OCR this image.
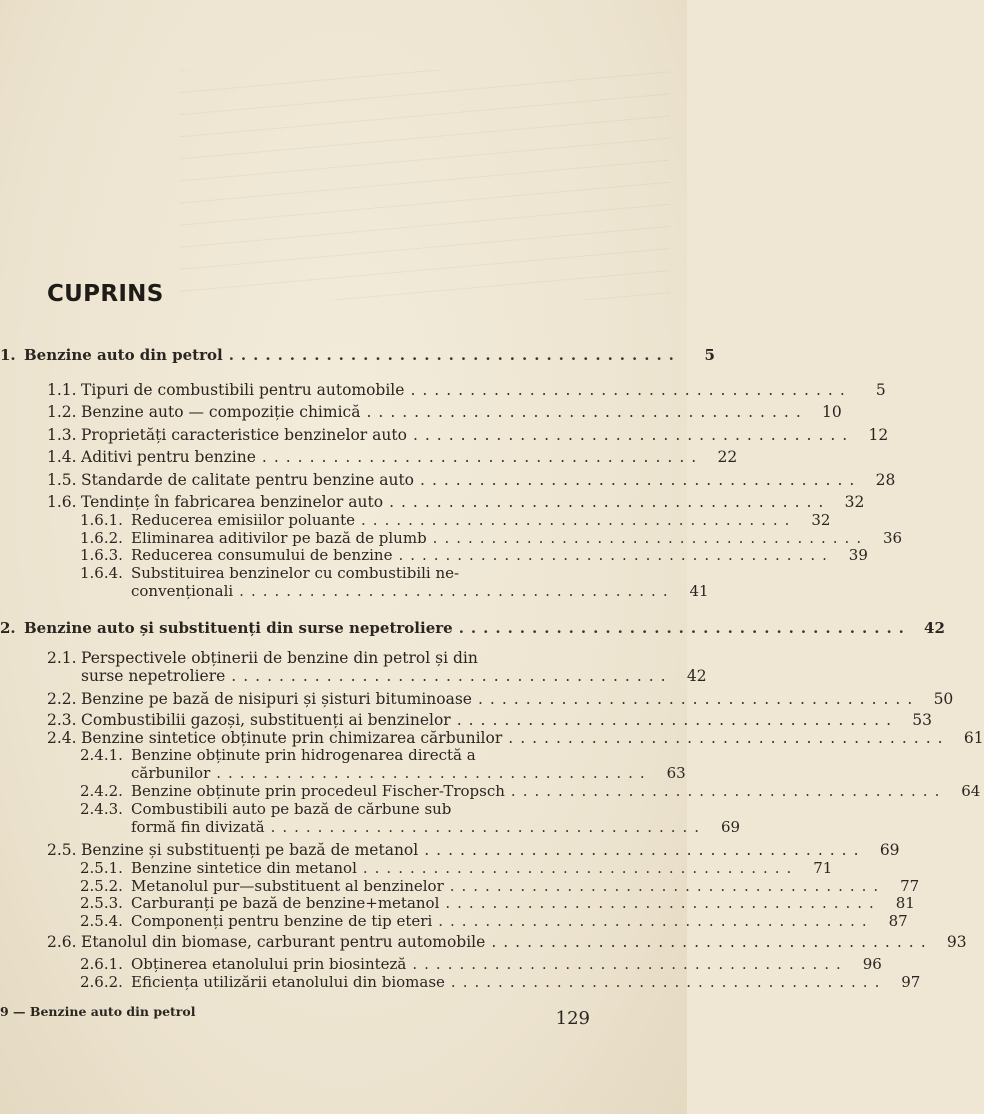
CUPRINS
1. Benzine auto din petrol .....................................	5
1.1. Tipuri de combustibili pentru automobile .....................................	5
1.2. Benzine auto — compoziție chimică ..................................... 10
1.3. Proprietăți caracteristice benzinelor auto ..................................... 12
1.4. Aditivi pentru benzine ..................................... 22
1.5. Standarde de calitate pentru benzine auto ..................................... 28
1.6. Tendințe în fabricarea benzinelor auto ..................................... 32
1.6.1. Reducerea emisiilor poluante ..................................... 32
1.6.2. Eliminarea aditivilor pe bază de plumb ..................................... 36
1.6.3. Reducerea consumului de benzine ..................................... 39
1.6.4. Substituirea benzinelor cu combustibili ne-
convenționali ..................................... 41
2. Benzine auto și substituenți din surse nepetroliere ..................................... 42
2.1. Perspectivele obținerii de benzine din petrol și din
surse nepetroliere ..................................... 42
2.2. Benzine pe bază de nisipuri și șisturi bituminoase ..................................... 50
2.3. Combustibilii gazoși, substituenți ai benzinelor ..................................... 53
2.4. Benzine sintetice obținute prin chimizarea cărbunilor ..................................... 61
2.4.1. Benzine obținute prin hidrogenarea directă a
cărbunilor ..................................... 63
2.4.2. Benzine obținute prin procedeul Fischer-Tropsch ..................................... 64
2.4.3. Combustibili auto pe bază de cărbune sub
formă fin divizată ..................................... 69
2.5. Benzine și substituenți pe bază de metanol ..................................... 69
2.5.1. Benzine sintetice din metanol ..................................... 71
2.5.2. Metanolul pur—substituent al benzinelor ..................................... 77
2.5.3. Carburanți pe bază de benzine+metanol ..................................... 81
2.5.4. Componenți pentru benzine de tip eteri ..................................... 87
2.6. Etanolul din biomase, carburant pentru automobile ..................................... 93
2.6.1. Obținerea etanolului prin biosinteză ..................................... 96
2.6.2. Eficiența utilizării etanolului din biomase ..................................... 97
9 — Benzine auto din petrol	129
